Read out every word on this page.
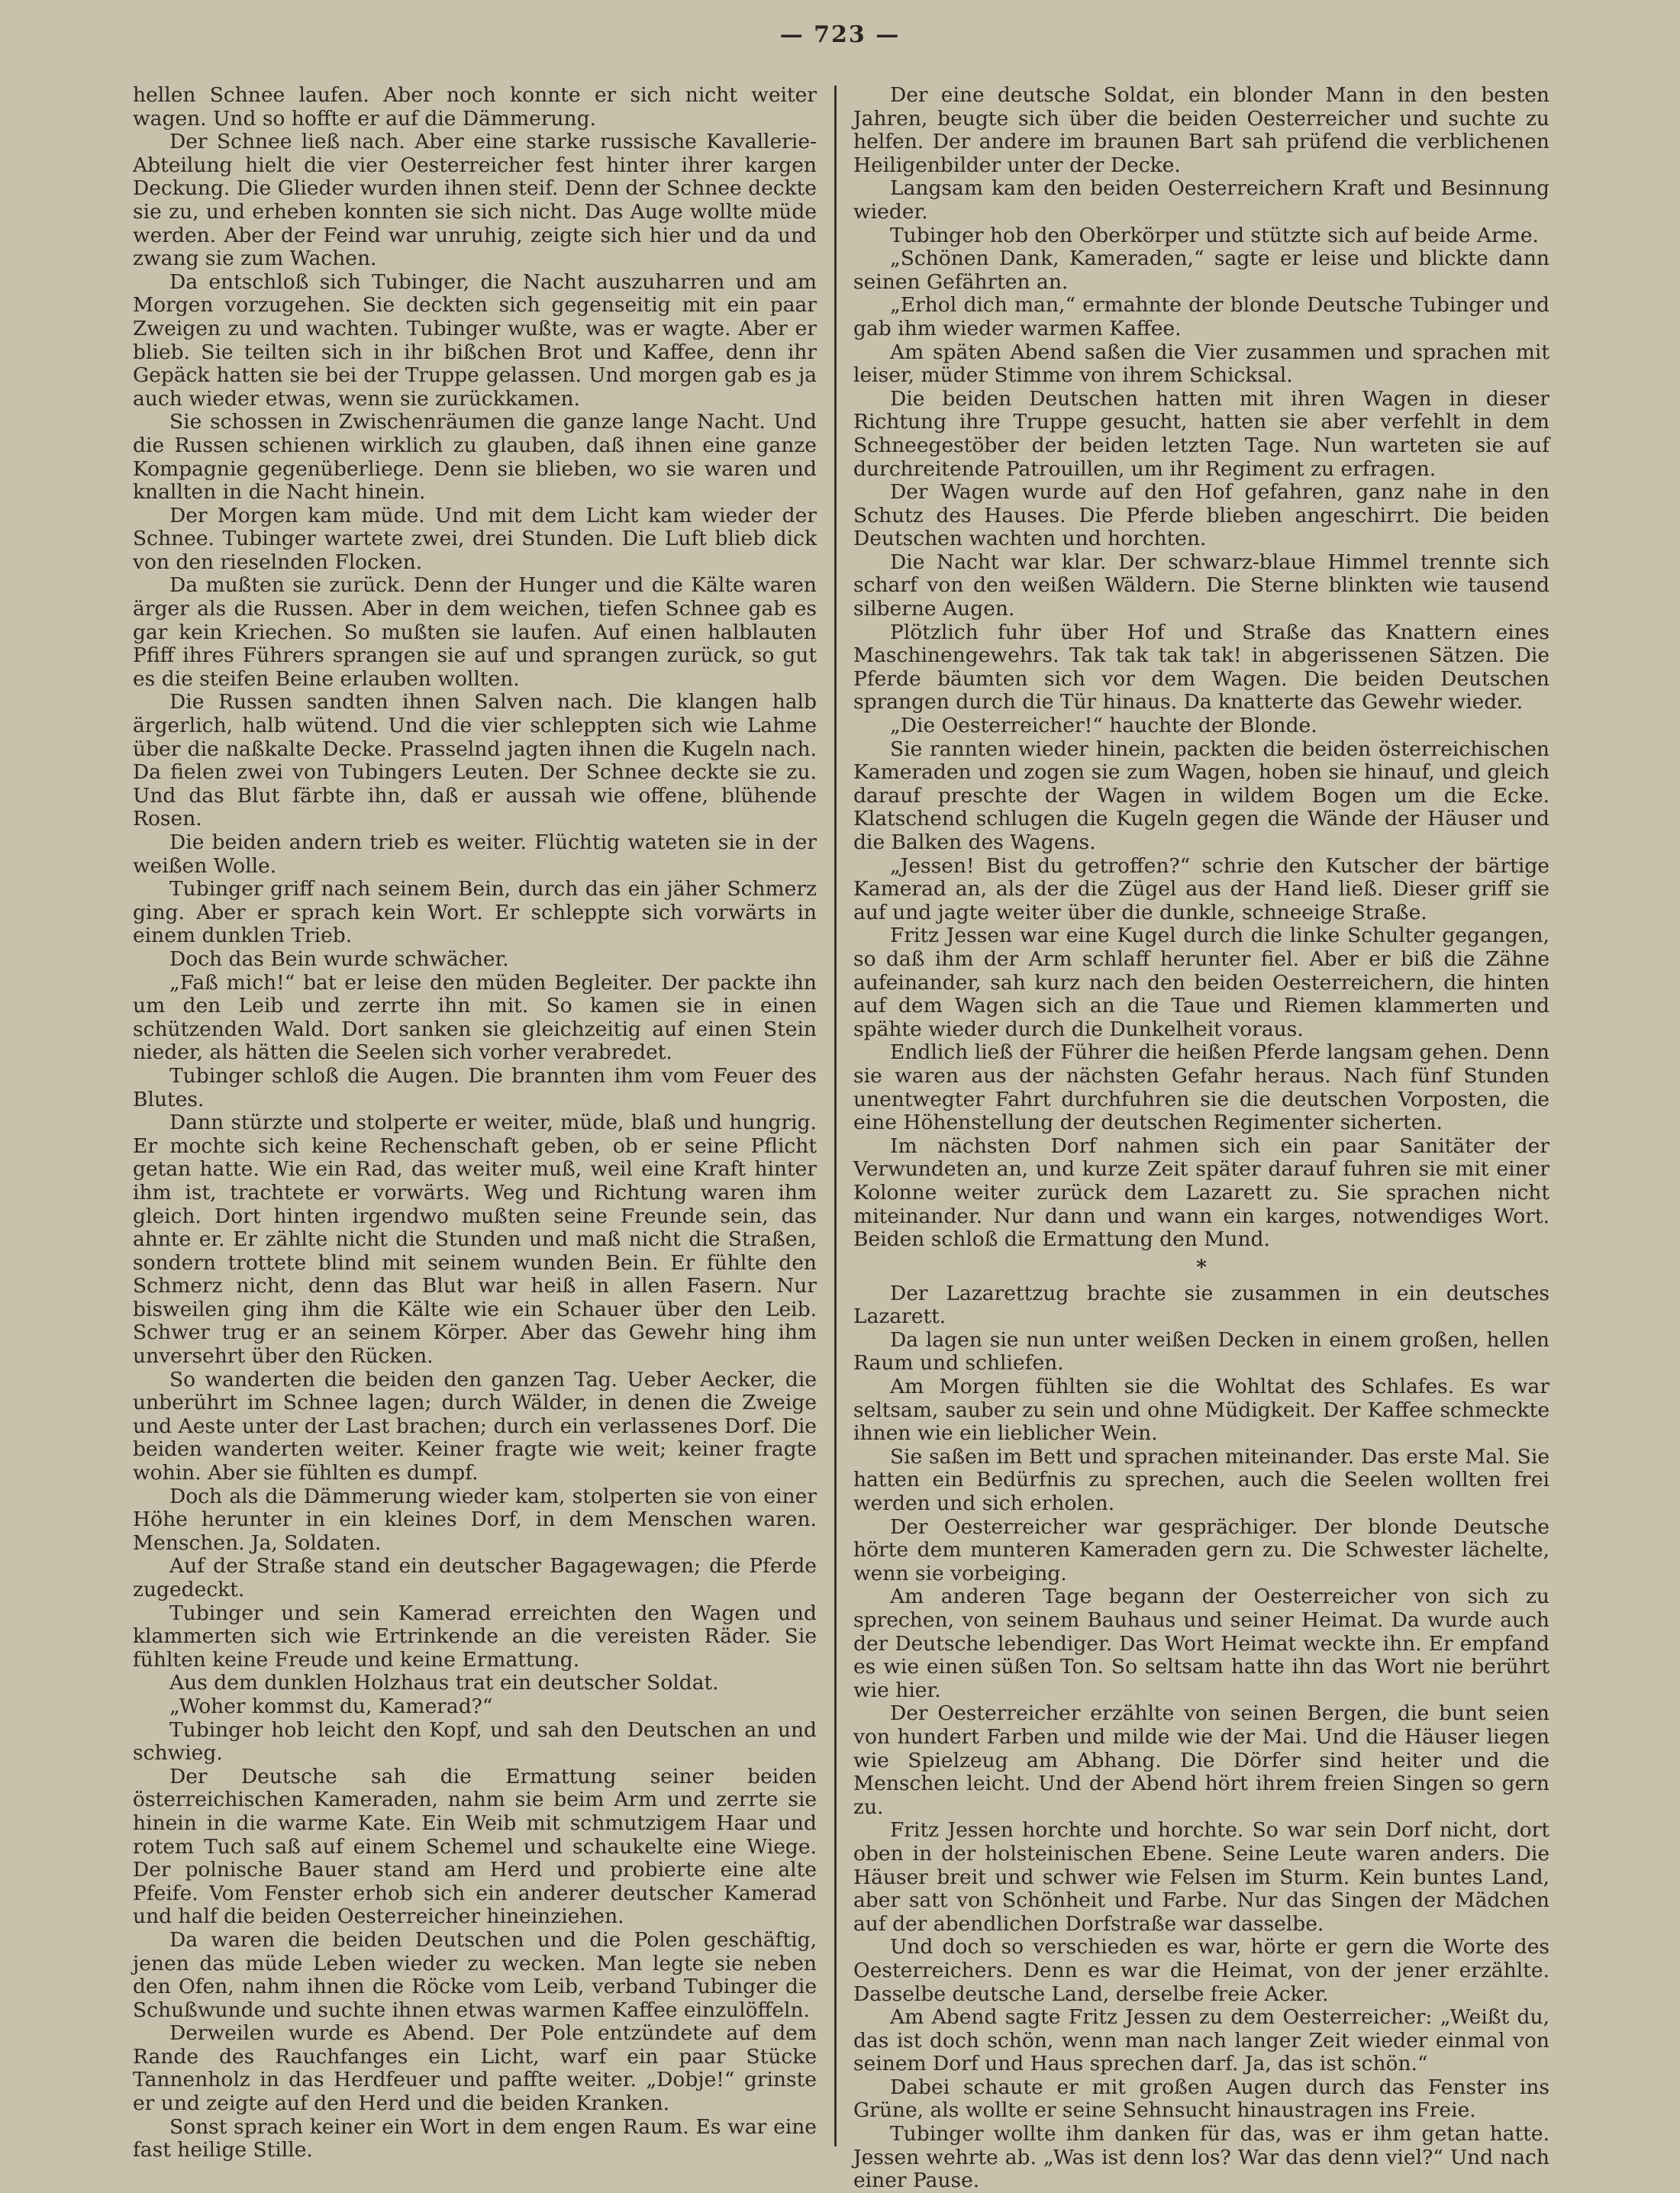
— 723 —

hellen Schnee laufen. Aber noch konnte er sich nicht weiter wagen. Und so hoffte er auf die Dämmerung.

Der Schnee ließ nach. Aber eine starke russische Kavallerie-Abteilung hielt die vier Oesterreicher fest hinter ihrer kargen Deckung. Die Glieder wurden ihnen steif. Denn der Schnee deckte sie zu, und erheben konnten sie sich nicht. Das Auge wollte müde werden. Aber der Feind war unruhig, zeigte sich hier und da und zwang sie zum Wachen.

Da entschloß sich Tubinger, die Nacht auszuharren und am Morgen vorzugehen. Sie deckten sich gegenseitig mit ein paar Zweigen zu und wachten. Tubinger wußte, was er wagte. Aber er blieb. Sie teilten sich in ihr bißchen Brot und Kaffee, denn ihr Gepäck hatten sie bei der Truppe gelassen. Und morgen gab es ja auch wieder etwas, wenn sie zurückkamen.

Sie schossen in Zwischenräumen die ganze lange Nacht. Und die Russen schienen wirklich zu glauben, daß ihnen eine ganze Kompagnie gegenüberliege. Denn sie blieben, wo sie waren und knallten in die Nacht hinein.

Der Morgen kam müde. Und mit dem Licht kam wieder der Schnee. Tubinger wartete zwei, drei Stunden. Die Luft blieb dick von den rieselnden Flocken.

Da mußten sie zurück. Denn der Hunger und die Kälte waren ärger als die Russen. Aber in dem weichen, tiefen Schnee gab es gar kein Kriechen. So mußten sie laufen. Auf einen halblauten Pfiff ihres Führers sprangen sie auf und sprangen zurück, so gut es die steifen Beine erlauben wollten.

Die Russen sandten ihnen Salven nach. Die klangen halb ärgerlich, halb wütend. Und die vier schleppten sich wie Lahme über die naßkalte Decke. Prasselnd jagten ihnen die Kugeln nach. Da fielen zwei von Tubingers Leuten. Der Schnee deckte sie zu. Und das Blut färbte ihn, daß er aussah wie offene, blühende Rosen.

Die beiden andern trieb es weiter. Flüchtig wateten sie in der weißen Wolle.

Tubinger griff nach seinem Bein, durch das ein jäher Schmerz ging. Aber er sprach kein Wort. Er schleppte sich vorwärts in einem dunklen Trieb.

Doch das Bein wurde schwächer.

„Faß mich!“ bat er leise den müden Begleiter. Der packte ihn um den Leib und zerrte ihn mit. So kamen sie in einen schützenden Wald. Dort sanken sie gleichzeitig auf einen Stein nieder, als hätten die Seelen sich vorher verabredet.

Tubinger schloß die Augen. Die brannten ihm vom Feuer des Blutes.

Dann stürzte und stolperte er weiter, müde, blaß und hungrig. Er mochte sich keine Rechenschaft geben, ob er seine Pflicht getan hatte. Wie ein Rad, das weiter muß, weil eine Kraft hinter ihm ist, trachtete er vorwärts. Weg und Richtung waren ihm gleich. Dort hinten irgendwo mußten seine Freunde sein, das ahnte er. Er zählte nicht die Stunden und maß nicht die Straßen, sondern trottete blind mit seinem wunden Bein. Er fühlte den Schmerz nicht, denn das Blut war heiß in allen Fasern. Nur bisweilen ging ihm die Kälte wie ein Schauer über den Leib. Schwer trug er an seinem Körper. Aber das Gewehr hing ihm unversehrt über den Rücken.

So wanderten die beiden den ganzen Tag. Ueber Aecker, die unberührt im Schnee lagen; durch Wälder, in denen die Zweige und Aeste unter der Last brachen; durch ein verlassenes Dorf. Die beiden wanderten weiter. Keiner fragte wie weit; keiner fragte wohin. Aber sie fühlten es dumpf.

Doch als die Dämmerung wieder kam, stolperten sie von einer Höhe herunter in ein kleines Dorf, in dem Menschen waren. Menschen. Ja, Soldaten.

Auf der Straße stand ein deutscher Bagagewagen; die Pferde zugedeckt.

Tubinger und sein Kamerad erreichten den Wagen und klammerten sich wie Ertrinkende an die vereisten Räder. Sie fühlten keine Freude und keine Ermattung.

Aus dem dunklen Holzhaus trat ein deutscher Soldat.

„Woher kommst du, Kamerad?“

Tubinger hob leicht den Kopf, und sah den Deutschen an und schwieg.

Der Deutsche sah die Ermattung seiner beiden österreichischen Kameraden, nahm sie beim Arm und zerrte sie hinein in die warme Kate. Ein Weib mit schmutzigem Haar und rotem Tuch saß auf einem Schemel und schaukelte eine Wiege. Der polnische Bauer stand am Herd und probierte eine alte Pfeife. Vom Fenster erhob sich ein anderer deutscher Kamerad und half die beiden Oesterreicher hineinziehen.

Da waren die beiden Deutschen und die Polen geschäftig, jenen das müde Leben wieder zu wecken. Man legte sie neben den Ofen, nahm ihnen die Röcke vom Leib, verband Tubinger die Schußwunde und suchte ihnen etwas warmen Kaffee einzulöffeln.

Derweilen wurde es Abend. Der Pole entzündete auf dem Rande des Rauchfanges ein Licht, warf ein paar Stücke Tannenholz in das Herdfeuer und paffte weiter. „Dobje!“ grinste er und zeigte auf den Herd und die beiden Kranken.

Sonst sprach keiner ein Wort in dem engen Raum. Es war eine fast heilige Stille.

Der eine deutsche Soldat, ein blonder Mann in den besten Jahren, beugte sich über die beiden Oesterreicher und suchte zu helfen. Der andere im braunen Bart sah prüfend die verblichenen Heiligenbilder unter der Decke.

Langsam kam den beiden Oesterreichern Kraft und Besinnung wieder.

Tubinger hob den Oberkörper und stützte sich auf beide Arme.

„Schönen Dank, Kameraden,“ sagte er leise und blickte dann seinen Gefährten an.

„Erhol dich man,“ ermahnte der blonde Deutsche Tubinger und gab ihm wieder warmen Kaffee.

Am späten Abend saßen die Vier zusammen und sprachen mit leiser, müder Stimme von ihrem Schicksal.

Die beiden Deutschen hatten mit ihren Wagen in dieser Richtung ihre Truppe gesucht, hatten sie aber verfehlt in dem Schneegestöber der beiden letzten Tage. Nun warteten sie auf durchreitende Patrouillen, um ihr Regiment zu erfragen.

Der Wagen wurde auf den Hof gefahren, ganz nahe in den Schutz des Hauses. Die Pferde blieben angeschirrt. Die beiden Deutschen wachten und horchten.

Die Nacht war klar. Der schwarz-blaue Himmel trennte sich scharf von den weißen Wäldern. Die Sterne blinkten wie tausend silberne Augen.

Plötzlich fuhr über Hof und Straße das Knattern eines Maschinengewehrs. Tak tak tak tak! in abgerissenen Sätzen. Die Pferde bäumten sich vor dem Wagen. Die beiden Deutschen sprangen durch die Tür hinaus. Da knatterte das Gewehr wieder.

„Die Oesterreicher!“ hauchte der Blonde.

Sie rannten wieder hinein, packten die beiden österreichischen Kameraden und zogen sie zum Wagen, hoben sie hinauf, und gleich darauf preschte der Wagen in wildem Bogen um die Ecke. Klatschend schlugen die Kugeln gegen die Wände der Häuser und die Balken des Wagens.

„Jessen! Bist du getroffen?“ schrie den Kutscher der bärtige Kamerad an, als der die Zügel aus der Hand ließ. Dieser griff sie auf und jagte weiter über die dunkle, schneeige Straße.

Fritz Jessen war eine Kugel durch die linke Schulter gegangen, so daß ihm der Arm schlaff herunter fiel. Aber er biß die Zähne aufeinander, sah kurz nach den beiden Oesterreichern, die hinten auf dem Wagen sich an die Taue und Riemen klammerten und spähte wieder durch die Dunkelheit voraus.

Endlich ließ der Führer die heißen Pferde langsam gehen. Denn sie waren aus der nächsten Gefahr heraus. Nach fünf Stunden unentwegter Fahrt durchfuhren sie die deutschen Vorposten, die eine Höhenstellung der deutschen Regimenter sicherten.

Im nächsten Dorf nahmen sich ein paar Sanitäter der Verwundeten an, und kurze Zeit später darauf fuhren sie mit einer Kolonne weiter zurück dem Lazarett zu. Sie sprachen nicht miteinander. Nur dann und wann ein karges, notwendiges Wort. Beiden schloß die Ermattung den Mund.

*

Der Lazarettzug brachte sie zusammen in ein deutsches Lazarett.

Da lagen sie nun unter weißen Decken in einem großen, hellen Raum und schliefen.

Am Morgen fühlten sie die Wohltat des Schlafes. Es war seltsam, sauber zu sein und ohne Müdigkeit. Der Kaffee schmeckte ihnen wie ein lieblicher Wein.

Sie saßen im Bett und sprachen miteinander. Das erste Mal. Sie hatten ein Bedürfnis zu sprechen, auch die Seelen wollten frei werden und sich erholen.

Der Oesterreicher war gesprächiger. Der blonde Deutsche hörte dem munteren Kameraden gern zu. Die Schwester lächelte, wenn sie vorbeiging.

Am anderen Tage begann der Oesterreicher von sich zu sprechen, von seinem Bauhaus und seiner Heimat. Da wurde auch der Deutsche lebendiger. Das Wort Heimat weckte ihn. Er empfand es wie einen süßen Ton. So seltsam hatte ihn das Wort nie berührt wie hier.

Der Oesterreicher erzählte von seinen Bergen, die bunt seien von hundert Farben und milde wie der Mai. Und die Häuser liegen wie Spielzeug am Abhang. Die Dörfer sind heiter und die Menschen leicht. Und der Abend hört ihrem freien Singen so gern zu.

Fritz Jessen horchte und horchte. So war sein Dorf nicht, dort oben in der holsteinischen Ebene. Seine Leute waren anders. Die Häuser breit und schwer wie Felsen im Sturm. Kein buntes Land, aber satt von Schönheit und Farbe. Nur das Singen der Mädchen auf der abendlichen Dorfstraße war dasselbe.

Und doch so verschieden es war, hörte er gern die Worte des Oesterreichers. Denn es war die Heimat, von der jener erzählte. Dasselbe deutsche Land, derselbe freie Acker.

Am Abend sagte Fritz Jessen zu dem Oesterreicher: „Weißt du, das ist doch schön, wenn man nach langer Zeit wieder einmal von seinem Dorf und Haus sprechen darf. Ja, das ist schön.“

Dabei schaute er mit großen Augen durch das Fenster ins Grüne, als wollte er seine Sehnsucht hinaustragen ins Freie.

Tubinger wollte ihm danken für das, was er ihm getan hatte. Jessen wehrte ab. „Was ist denn los? War das denn viel?“ Und nach einer Pause.
